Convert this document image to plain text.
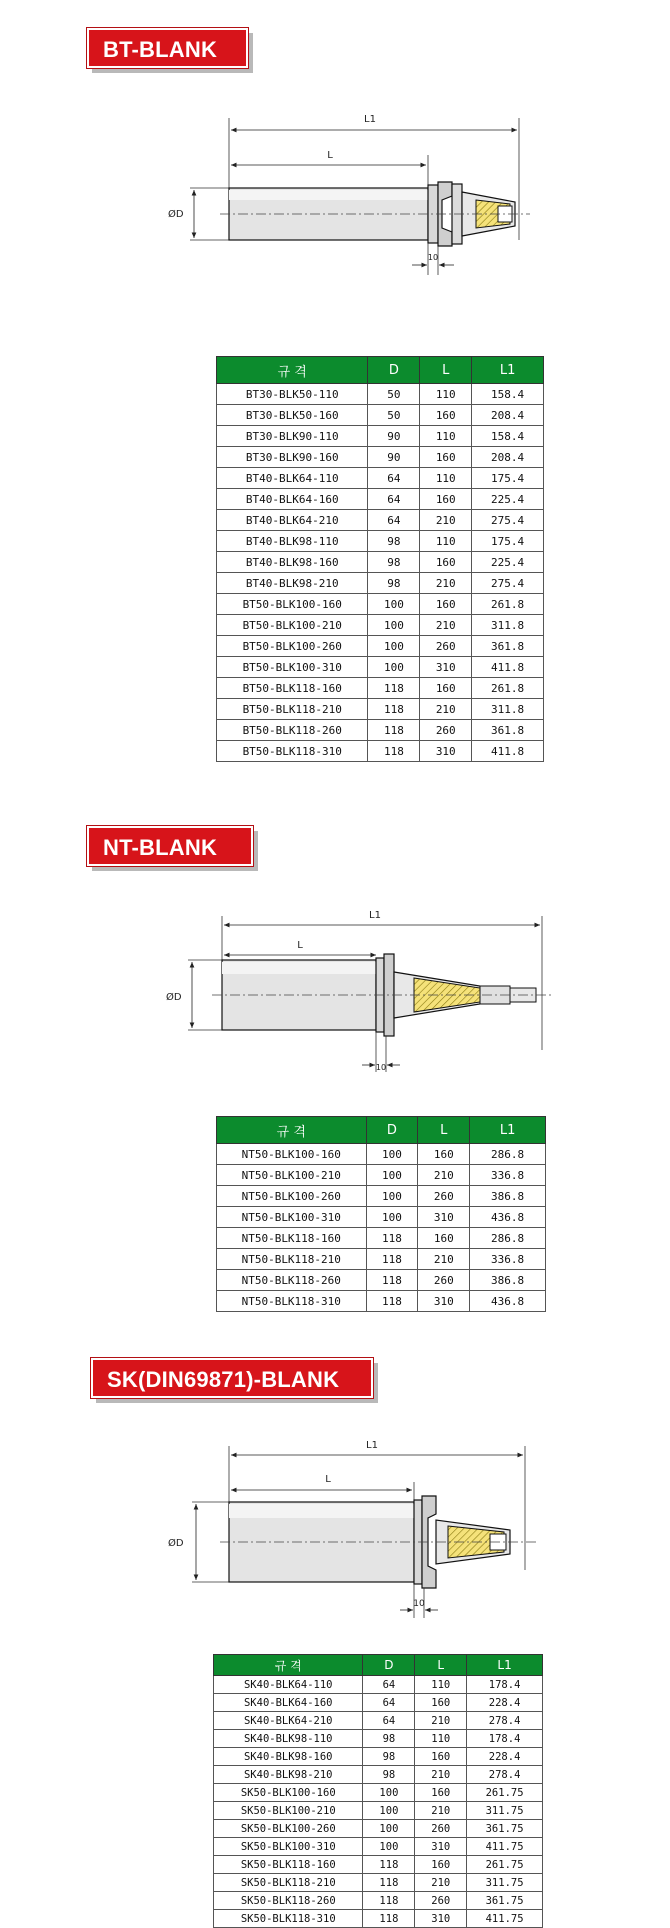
BT-BLANK
L1
L
ØD
10
규 격	D	L	L1
BT30-BLK50-110	50	110	158.4
BT30-BLK50-160	50	160	208.4
BT30-BLK90-110	90	110	158.4
BT30-BLK90-160	90	160	208.4
BT40-BLK64-110	64	110	175.4
BT40-BLK64-160	64	160	225.4
BT40-BLK64-210	64	210	275.4
BT40-BLK98-110	98	110	175.4
BT40-BLK98-160	98	160	225.4
BT40-BLK98-210	98	210	275.4
BT50-BLK100-160	100	160	261.8
BT50-BLK100-210	100	210	311.8
BT50-BLK100-260	100	260	361.8
BT50-BLK100-310	100	310	411.8
BT50-BLK118-160	118	160	261.8
BT50-BLK118-210	118	210	311.8
BT50-BLK118-260	118	260	361.8
BT50-BLK118-310	118	310	411.8
NT-BLANK
L1
L
ØD
10
규 격	D	L	L1
NT50-BLK100-160	100	160	286.8
NT50-BLK100-210	100	210	336.8
NT50-BLK100-260	100	260	386.8
NT50-BLK100-310	100	310	436.8
NT50-BLK118-160	118	160	286.8
NT50-BLK118-210	118	210	336.8
NT50-BLK118-260	118	260	386.8
NT50-BLK118-310	118	310	436.8
SK(DIN69871)-BLANK
L1
L
ØD
10
규 격	D	L	L1
SK40-BLK64-110	64	110	178.4
SK40-BLK64-160	64	160	228.4
SK40-BLK64-210	64	210	278.4
SK40-BLK98-110	98	110	178.4
SK40-BLK98-160	98	160	228.4
SK40-BLK98-210	98	210	278.4
SK50-BLK100-160	100	160	261.75
SK50-BLK100-210	100	210	311.75
SK50-BLK100-260	100	260	361.75
SK50-BLK100-310	100	310	411.75
SK50-BLK118-160	118	160	261.75
SK50-BLK118-210	118	210	311.75
SK50-BLK118-260	118	260	361.75
SK50-BLK118-310	118	310	411.75
